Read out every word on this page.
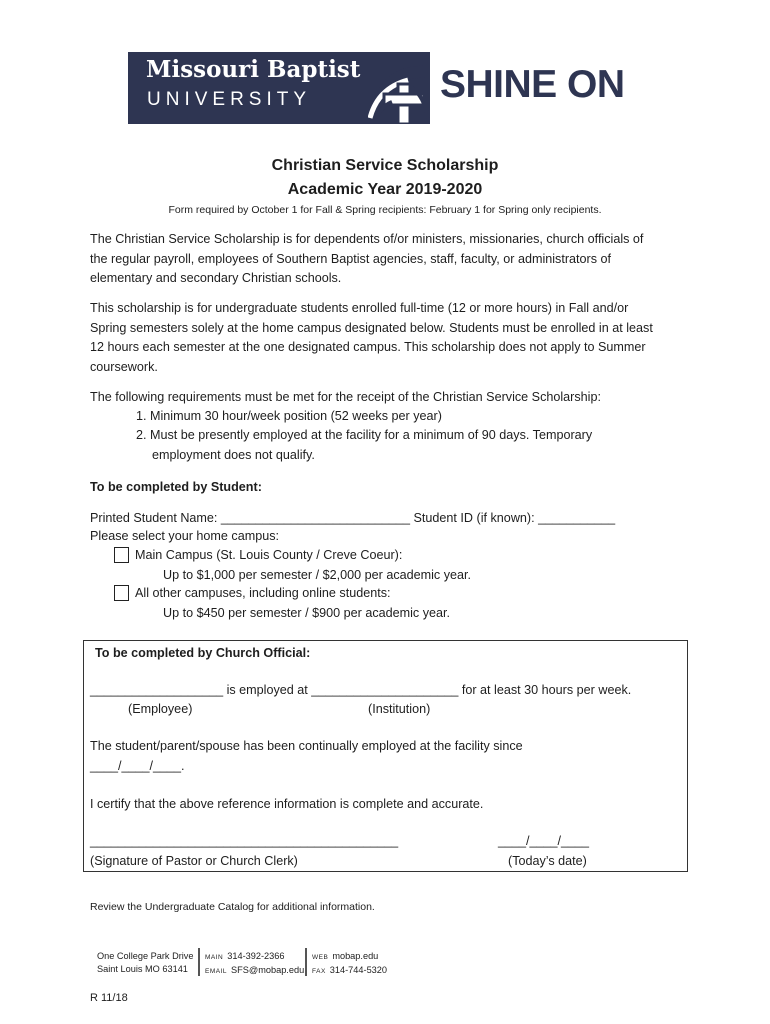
Missouri Baptist
UNIVERSITY	SHINE ON
Christian Service Scholarship
Academic Year 2019-2020
Form required by October 1 for Fall & Spring recipients: February 1 for Spring only recipients.

The Christian Service Scholarship is for dependents of/or ministers, missionaries, church officials of the regular payroll, employees of Southern Baptist agencies, staff, faculty, or administrators of elementary and secondary Christian schools.

This scholarship is for undergraduate students enrolled full-time (12 or more hours) in Fall and/or Spring semesters solely at the home campus designated below. Students must be enrolled in at least 12 hours each semester at the one designated campus. This scholarship does not apply to Summer coursework.

The following requirements must be met for the receipt of the Christian Service Scholarship:
1. Minimum 30 hour/week position (52 weeks per year)
2. Must be presently employed at the facility for a minimum of 90 days. Temporary
employment does not qualify.
To be completed by Student:
Printed Student Name: ___________________________ Student ID (if known): ___________
Please select your home campus:
Main Campus (St. Louis County / Creve Coeur):
Up to $1,000 per semester / $2,000 per academic year.
All other campuses, including online students:
Up to $450 per semester / $900 per academic year.
To be completed by Church Official:
___________________ is employed at _____________________ for at least 30 hours per week.
(Employee)	(Institution)
The student/parent/spouse has been continually employed at the facility since
____/____/____.
I certify that the above reference information is complete and accurate.
____________________________________________	____/____/____
(Signature of Pastor or Church Clerk)	(Today’s date)
Review the Undergraduate Catalog for additional information.
One College Park Drive
Saint Louis MO 63141
MAIN 314-392-2366
EMAIL SFS@mobap.edu
WEB mobap.edu
FAX 314-744-5320
R 11/18
